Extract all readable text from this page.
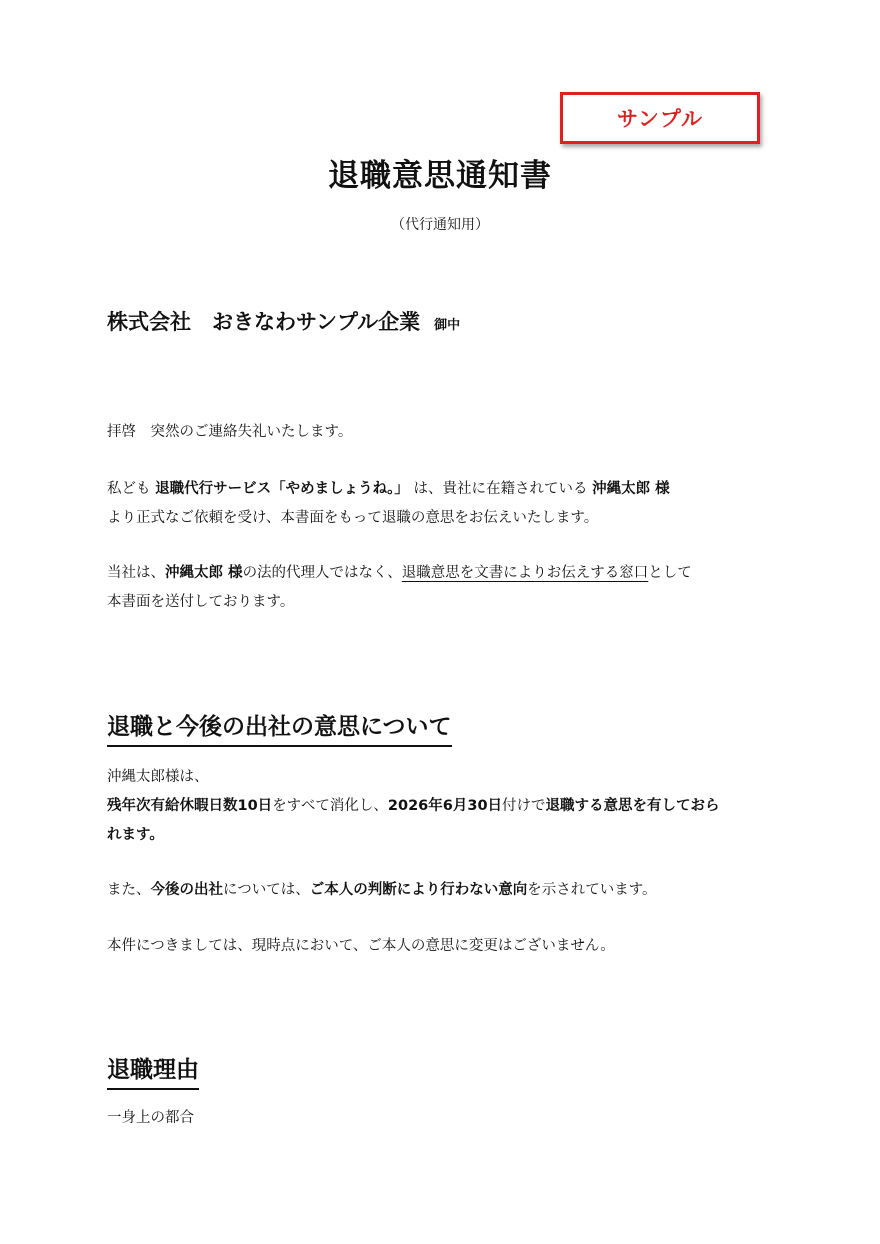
サンプル
退職意思通知書
（代行通知用）
株式会社　おきなわサンプル企業 御中
拝啓　突然のご連絡失礼いたします。
私ども 退職代行サービス「やめましょうね。」 は、貴社に在籍されている 沖縄太郎 様
より正式なご依頼を受け、本書面をもって退職の意思をお伝えいたします。
当社は、沖縄太郎 様の法的代理人ではなく、退職意思を文書によりお伝えする窓口として
本書面を送付しております。
退職と今後の出社の意思について
沖縄太郎様は、
残年次有給休暇日数10日をすべて消化し、2026年6月30日付けで退職する意思を有しておら
れます。
また、今後の出社については、ご本人の判断により行わない意向を示されています。
本件につきましては、現時点において、ご本人の意思に変更はございません。
退職理由
一身上の都合
